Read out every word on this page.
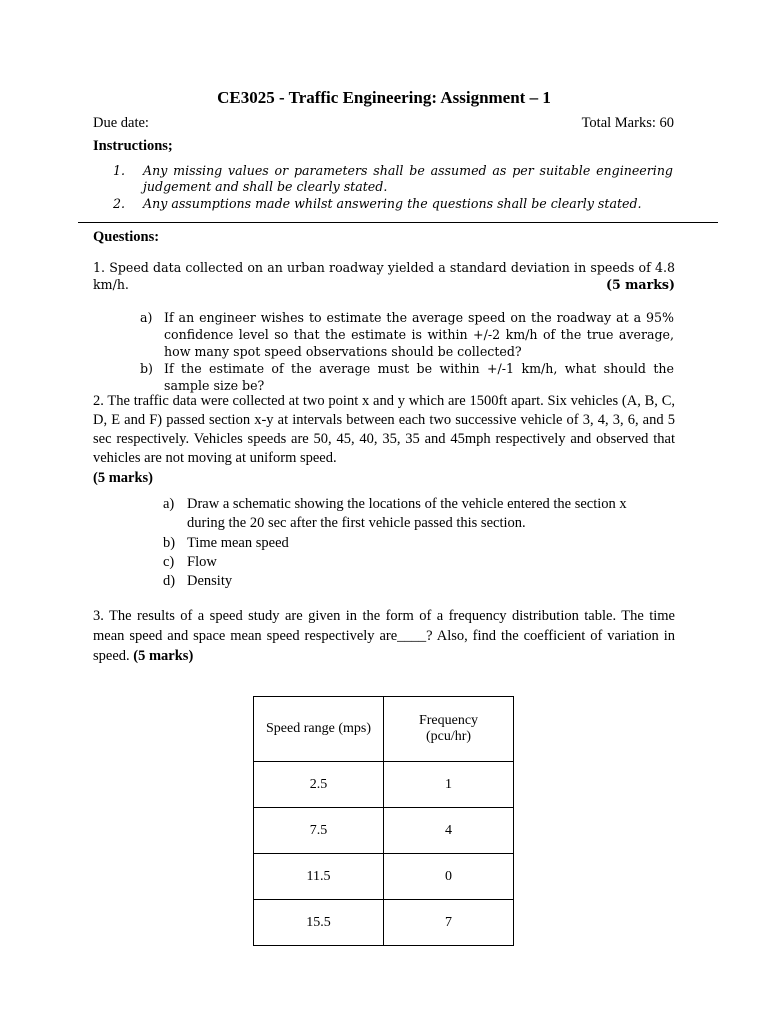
CE3025 - Traffic Engineering: Assignment – 1
Due date:	Total Marks: 60
Instructions;
1. Any missing values or parameters shall be assumed as per suitable engineering judgement and shall be clearly stated.
2. Any assumptions made whilst answering the questions shall be clearly stated.
Questions:
1. Speed data collected on an urban roadway yielded a standard deviation in speeds of 4.8 km/h.	(5 marks)
a) If an engineer wishes to estimate the average speed on the roadway at a 95% confidence level so that the estimate is within +/-2 km/h of the true average, how many spot speed observations should be collected?
b) If the estimate of the average must be within +/-1 km/h, what should the sample size be?
2. The traffic data were collected at two point x and y which are 1500ft apart. Six vehicles (A, B, C, D, E and F) passed section x-y at intervals between each two successive vehicle of 3, 4, 3, 6, and 5 sec respectively. Vehicles speeds are 50, 45, 40, 35, 35 and 45mph respectively and observed that vehicles are not moving at uniform speed.
(5 marks)
a) Draw a schematic showing the locations of the vehicle entered the section x during the 20 sec after the first vehicle passed this section.
b) Time mean speed
c) Flow
d) Density
3. The results of a speed study are given in the form of a frequency distribution table. The time mean speed and space mean speed respectively are____? Also, find the coefficient of variation in speed. (5 marks)
Speed range (mps)	Frequency (pcu/hr)
2.5	1
7.5	4
11.5	0
15.5	7
